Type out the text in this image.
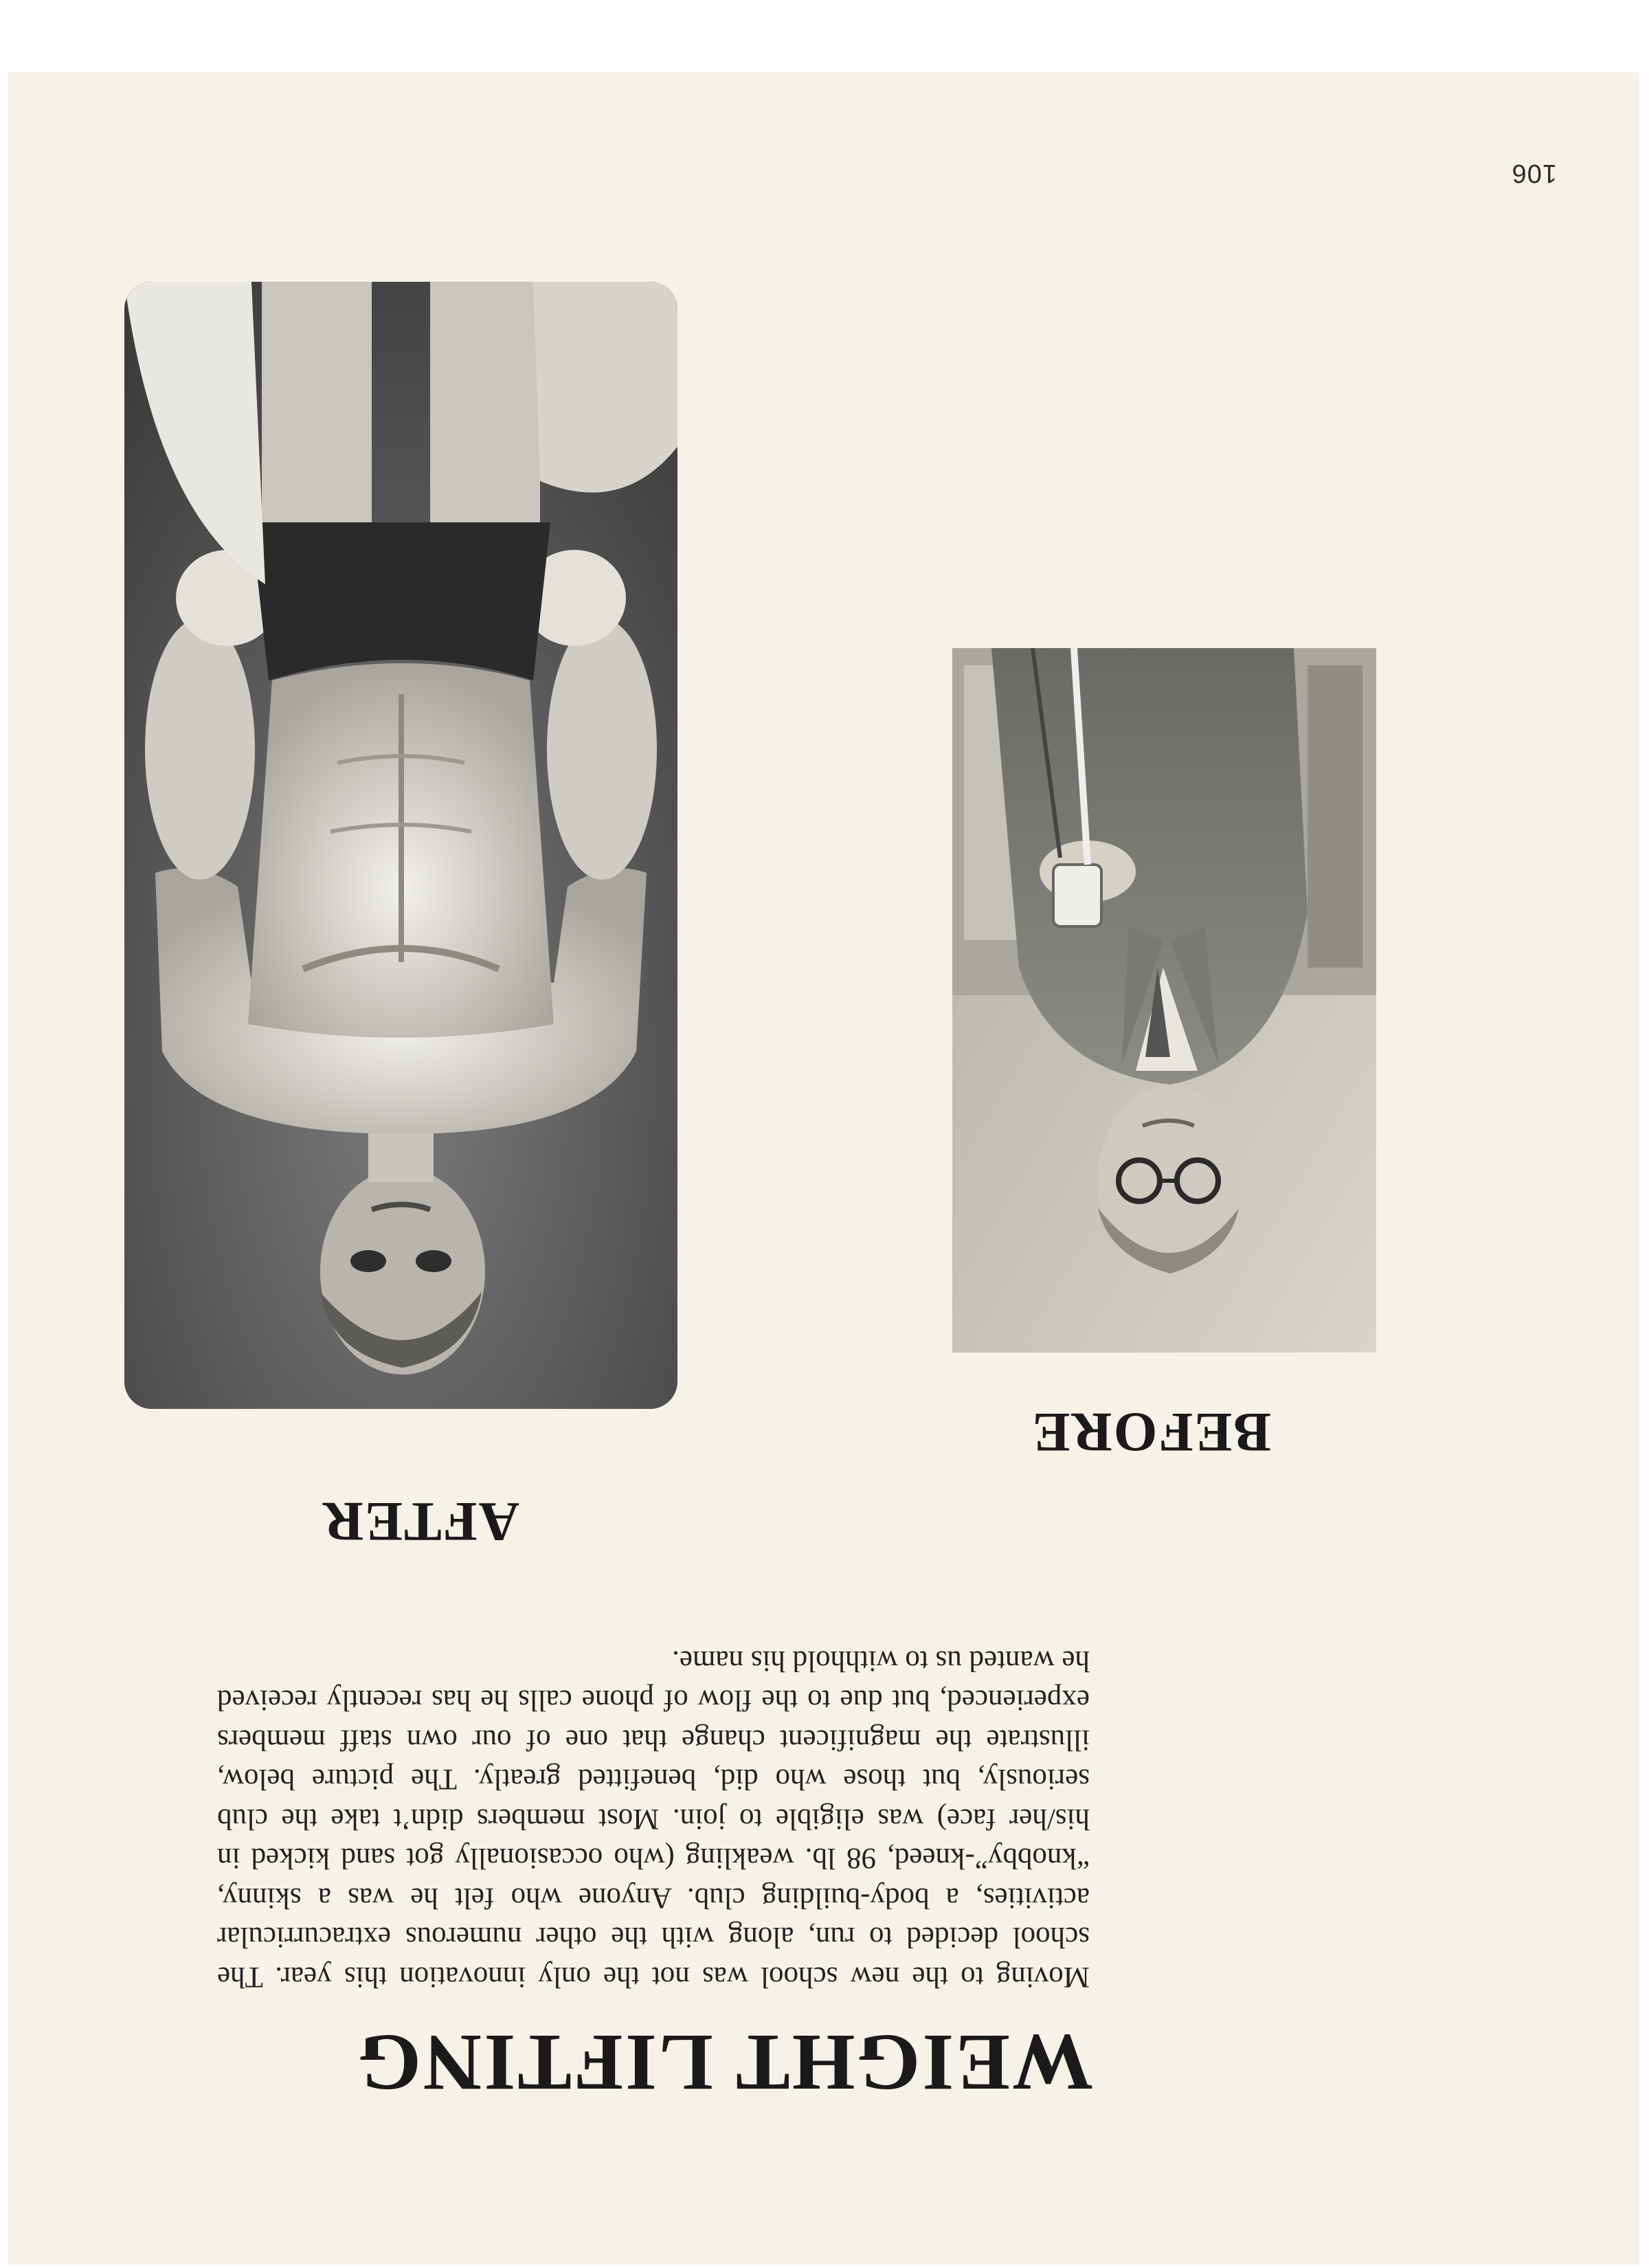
WEIGHT LIFTING

Moving to the new school was not the only innovation this year. The school decided to run, along with the other numerous extracurricular activities, a body-building club. Anyone who felt he was a skinny, “knobby”-kneed, 98 lb. weakling (who occasionally got sand kicked in his/her face) was eligible to join. Most members didn’t take the club seriously, but those who did, benefitted greatly. The picture below, illustrate the magnificent change that one of our own staff members experienced, but due to the flow of phone calls he has recently received he wanted us to withhold his name.

BEFORE
AFTER
106
